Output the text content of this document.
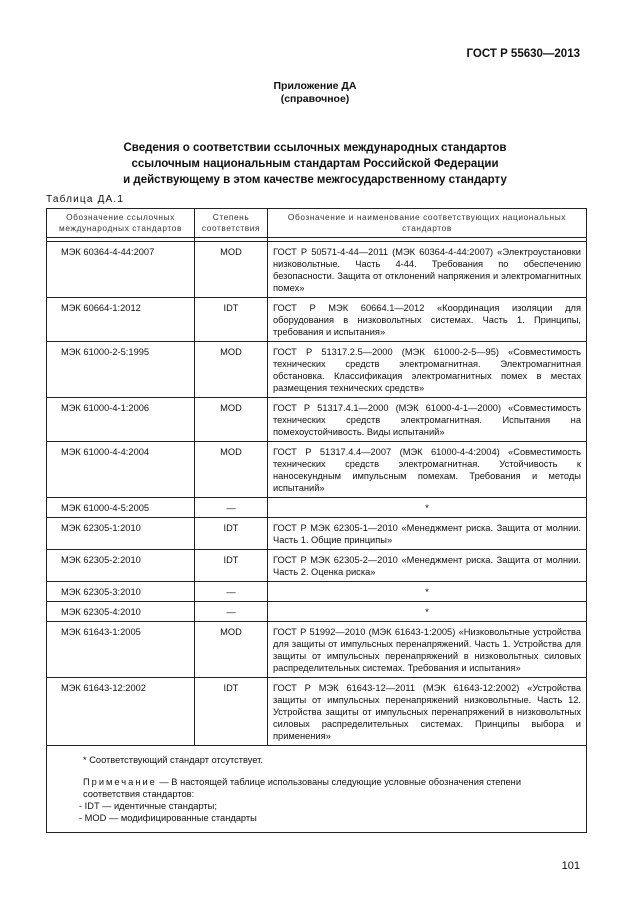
ГОСТ Р 55630—2013
Приложение ДА
(справочное)
Сведения о соответствии ссылочных международных стандартов
ссылочным национальным стандартам Российской Федерации
и действующему в этом качестве межгосударственному стандарту
Таблица ДА.1
Обозначение ссылочных международных стандартов	Степень соответствия	Обозначение и наименование соответствующих национальных стандартов

МЭК 60364-4-44:2007	MOD	ГОСТ Р 50571-4-44—2011 (МЭК 60364-4-44:2007) «Электроустановки низковольтные. Часть 4-44. Требования по обеспечению безопасности. Защита от отклонений напряжения и электромагнитных помех»
МЭК 60664-1:2012	IDT	ГОСТ Р МЭК 60664.1—2012 «Координация изоляции для оборудования в низковольтных системах. Часть 1. Принципы, требования и испытания»
МЭК 61000-2-5:1995	MOD	ГОСТ Р 51317.2.5—2000 (МЭК 61000-2-5—95) «Совместимость технических средств электромагнитная. Электромагнитная обстановка. Классификация электромагнитных помех в местах размещения технических средств»
МЭК 61000-4-1:2006	MOD	ГОСТ Р 51317.4.1—2000 (МЭК 61000-4-1—2000) «Совместимость технических средств электромагнитная. Испытания на помехоустойчивость. Виды испытаний»
МЭК 61000-4-4:2004	MOD	ГОСТ Р 51317.4.4—2007 (МЭК 61000-4-4:2004) «Совместимость технических средств электромагнитная. Устойчивость к наносекундным импульсным помехам. Требования и методы испытаний»
МЭК 61000-4-5:2005	—	*
МЭК 62305-1:2010	IDT	ГОСТ Р МЭК 62305-1—2010 «Менеджмент риска. Защита от молнии. Часть 1. Общие принципы»
МЭК 62305-2:2010	IDT	ГОСТ Р МЭК 62305-2—2010 «Менеджмент риска. Защита от молнии. Часть 2. Оценка риска»
МЭК 62305-3:2010	—	*
МЭК 62305-4:2010	—	*
МЭК 61643-1:2005	MOD	ГОСТ Р 51992—2010 (МЭК 61643-1:2005) «Низковольтные устройства для защиты от импульсных перенапряжений. Часть 1. Устройства для защиты от импульсных перенапряжений в низковольтных силовых распределительных системах. Требования и испытания»
МЭК 61643-12:2002	IDT	ГОСТ Р МЭК 61643-12—2011 (МЭК 61643-12:2002) «Устройства защиты от импульсных перенапряжений низковольтные. Часть 12. Устройства защиты от импульсных перенапряжений в низковольтных силовых распределительных системах. Принципы выбора и применения»

* Соответствующий стандарт отсутствует.

Примечание — В настоящей таблице использованы следующие условные обозначения степени соответствия стандартов:

- IDT — идентичные стандарты;

- MOD — модифицированные стандарты		

101
